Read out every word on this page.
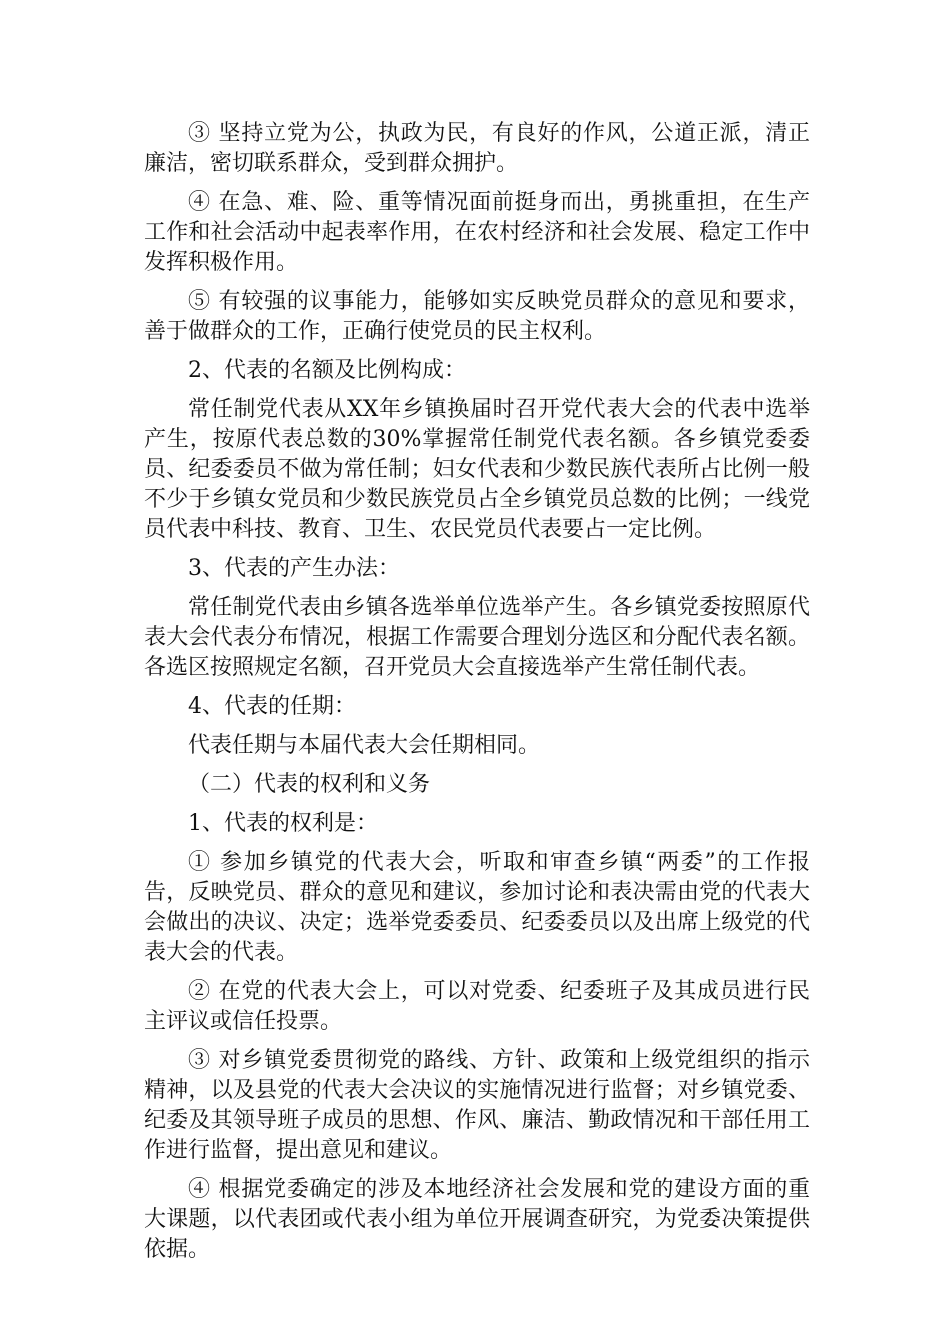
③ 坚持立党为公，执政为民，有良好的作风，公道正派，清正廉洁，密切联系群众，受到群众拥护。

④ 在急、难、险、重等情况面前挺身而出，勇挑重担，在生产工作和社会活动中起表率作用，在农村经济和社会发展、稳定工作中发挥积极作用。

⑤ 有较强的议事能力，能够如实反映党员群众的意见和要求，善于做群众的工作，正确行使党员的民主权利。

2、代表的名额及比例构成：

常任制党代表从XX年乡镇换届时召开党代表大会的代表中选举产生，按原代表总数的30%掌握常任制党代表名额。各乡镇党委委员、纪委委员不做为常任制；妇女代表和少数民族代表所占比例一般不少于乡镇女党员和少数民族党员占全乡镇党员总数的比例；一线党员代表中科技、教育、卫生、农民党员代表要占一定比例。

3、代表的产生办法：

常任制党代表由乡镇各选举单位选举产生。各乡镇党委按照原代表大会代表分布情况，根据工作需要合理划分选区和分配代表名额。各选区按照规定名额，召开党员大会直接选举产生常任制代表。

4、代表的任期：

代表任期与本届代表大会任期相同。

（二）代表的权利和义务

1、代表的权利是：

① 参加乡镇党的代表大会，听取和审查乡镇“两委”的工作报告，反映党员、群众的意见和建议，参加讨论和表决需由党的代表大会做出的决议、决定；选举党委委员、纪委委员以及出席上级党的代表大会的代表。

② 在党的代表大会上，可以对党委、纪委班子及其成员进行民主评议或信任投票。

③ 对乡镇党委贯彻党的路线、方针、政策和上级党组织的指示精神，以及县党的代表大会决议的实施情况进行监督；对乡镇党委、纪委及其领导班子成员的思想、作风、廉洁、勤政情况和干部任用工作进行监督，提出意见和建议。

④ 根据党委确定的涉及本地经济社会发展和党的建设方面的重大课题，以代表团或代表小组为单位开展调查研究，为党委决策提供依据。
